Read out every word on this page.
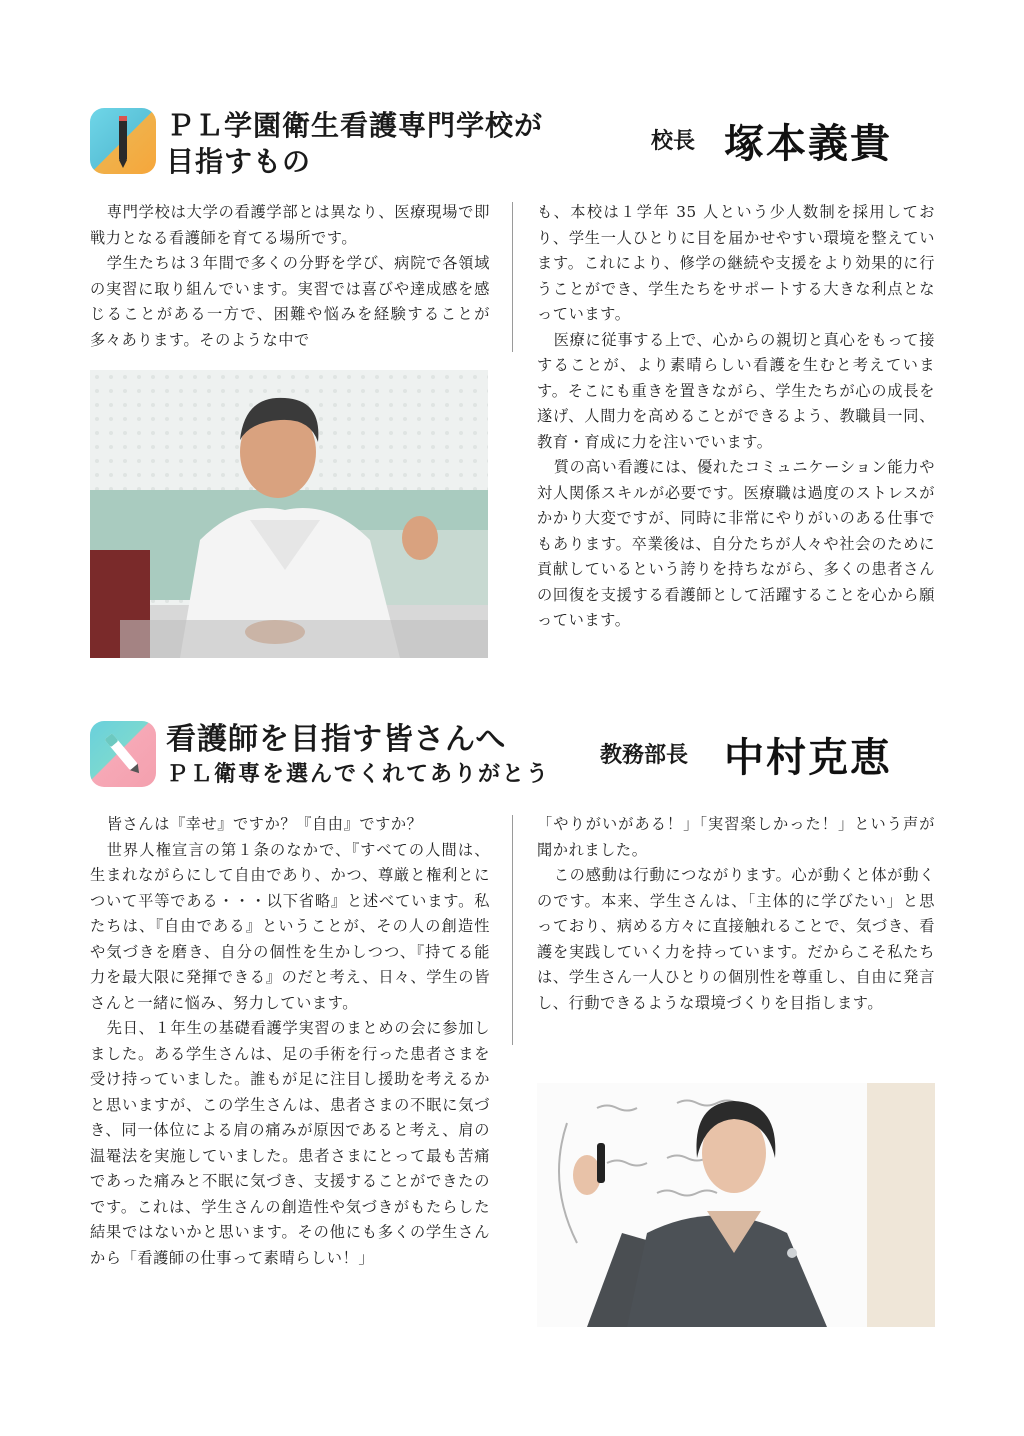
ＰＬ学園衛生看護専門学校が
目指すもの
校長 塚本義貴

専門学校は大学の看護学部とは異なり、医療現場で即戦力となる看護師を育てる場所です。

学生たちは３年間で多くの分野を学び、病院で各領域の実習に取り組んでいます。実習では喜びや達成感を感じることがある一方で、困難や悩みを経験することが多々あります。そのような中で

も、本校は１学年 35 人という少人数制を採用しており、学生一人ひとりに目を届かせやすい環境を整えています。これにより、修学の継続や支援をより効果的に行うことができ、学生たちをサポートする大きな利点となっています。

医療に従事する上で、心からの親切と真心をもって接することが、より素晴らしい看護を生むと考えています。そこにも重きを置きながら、学生たちが心の成長を遂げ、人間力を高めることができるよう、教職員一同、教育・育成に力を注いでいます。

質の高い看護には、優れたコミュニケーション能力や対人関係スキルが必要です。医療職は過度のストレスがかかり大変ですが、同時に非常にやりがいのある仕事でもあります。卒業後は、自分たちが人々や社会のために貢献しているという誇りを持ちながら、多くの患者さんの回復を支援する看護師として活躍することを心から願っています。

看護師を目指す皆さんへ
ＰＬ衛専を選んでくれてありがとう
教務部長 中村克恵

皆さんは『幸せ』ですか？『自由』ですか？

世界人権宣言の第１条のなかで、『すべての人間は、生まれながらにして自由であり、かつ、尊厳と権利とについて平等である・・・以下省略』と述べています。私たちは、『自由である』ということが、その人の創造性や気づきを磨き、自分の個性を生かしつつ、『持てる能力を最大限に発揮できる』のだと考え、日々、学生の皆さんと一緒に悩み、努力しています。

先日、１年生の基礎看護学実習のまとめの会に参加しました。ある学生さんは、足の手術を行った患者さまを受け持っていました。誰もが足に注目し援助を考えるかと思いますが、この学生さんは、患者さまの不眠に気づき、同一体位による肩の痛みが原因であると考え、肩の温罨法を実施していました。患者さまにとって最も苦痛であった痛みと不眠に気づき、支援することができたのです。これは、学生さんの創造性や気づきがもたらした結果ではないかと思います。その他にも多くの学生さんから「看護師の仕事って素晴らしい！」

「やりがいがある！」「実習楽しかった！」という声が聞かれました。

この感動は行動につながります。心が動くと体が動くのです。本来、学生さんは、「主体的に学びたい」と思っており、病める方々に直接触れることで、気づき、看護を実践していく力を持っています。だからこそ私たちは、学生さん一人ひとりの個別性を尊重し、自由に発言し、行動できるような環境づくりを目指します。
